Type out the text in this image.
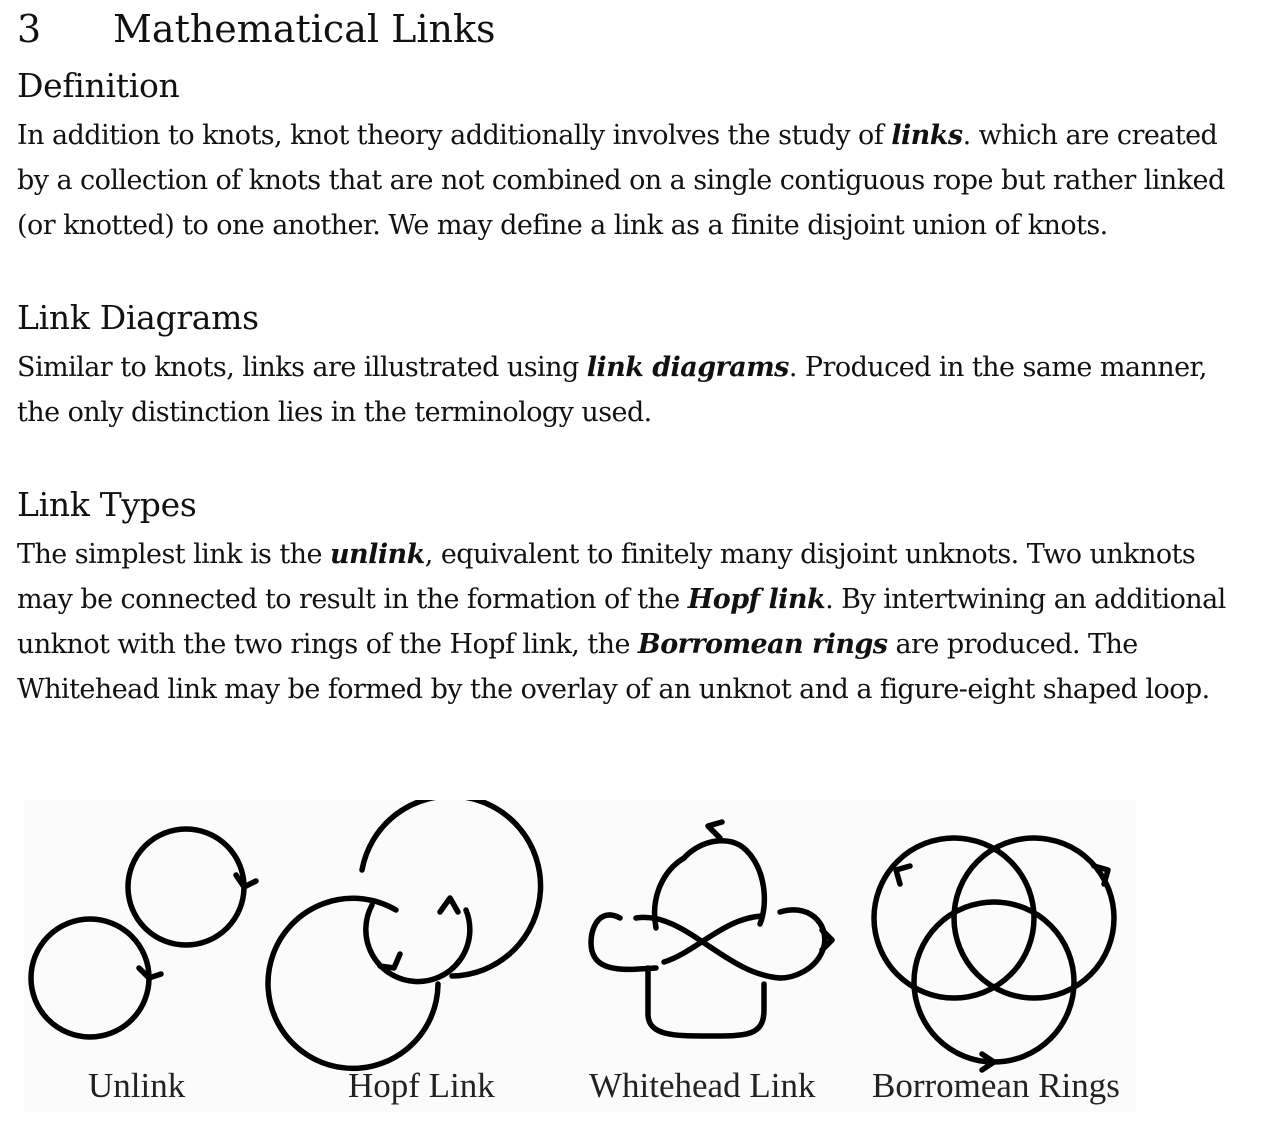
3	Mathematical Links
Definition
In addition to knots, knot theory additionally involves the study of links. which are created
by a collection of knots that are not combined on a single contiguous rope but rather linked
(or knotted) to one another. We may define a link as a finite disjoint union of knots.
Link Diagrams
Similar to knots, links are illustrated using link diagrams. Produced in the same manner,
the only distinction lies in the terminology used.
Link Types
The simplest link is the unlink, equivalent to finitely many disjoint unknots. Two unknots
may be connected to result in the formation of the Hopf link. By intertwining an additional
unknot with the two rings of the Hopf link, the Borromean rings are produced. The
Whitehead link may be formed by the overlay of an unknot and a figure-eight shaped loop.
Unlink	Hopf Link	Whitehead Link Borromean Rings
